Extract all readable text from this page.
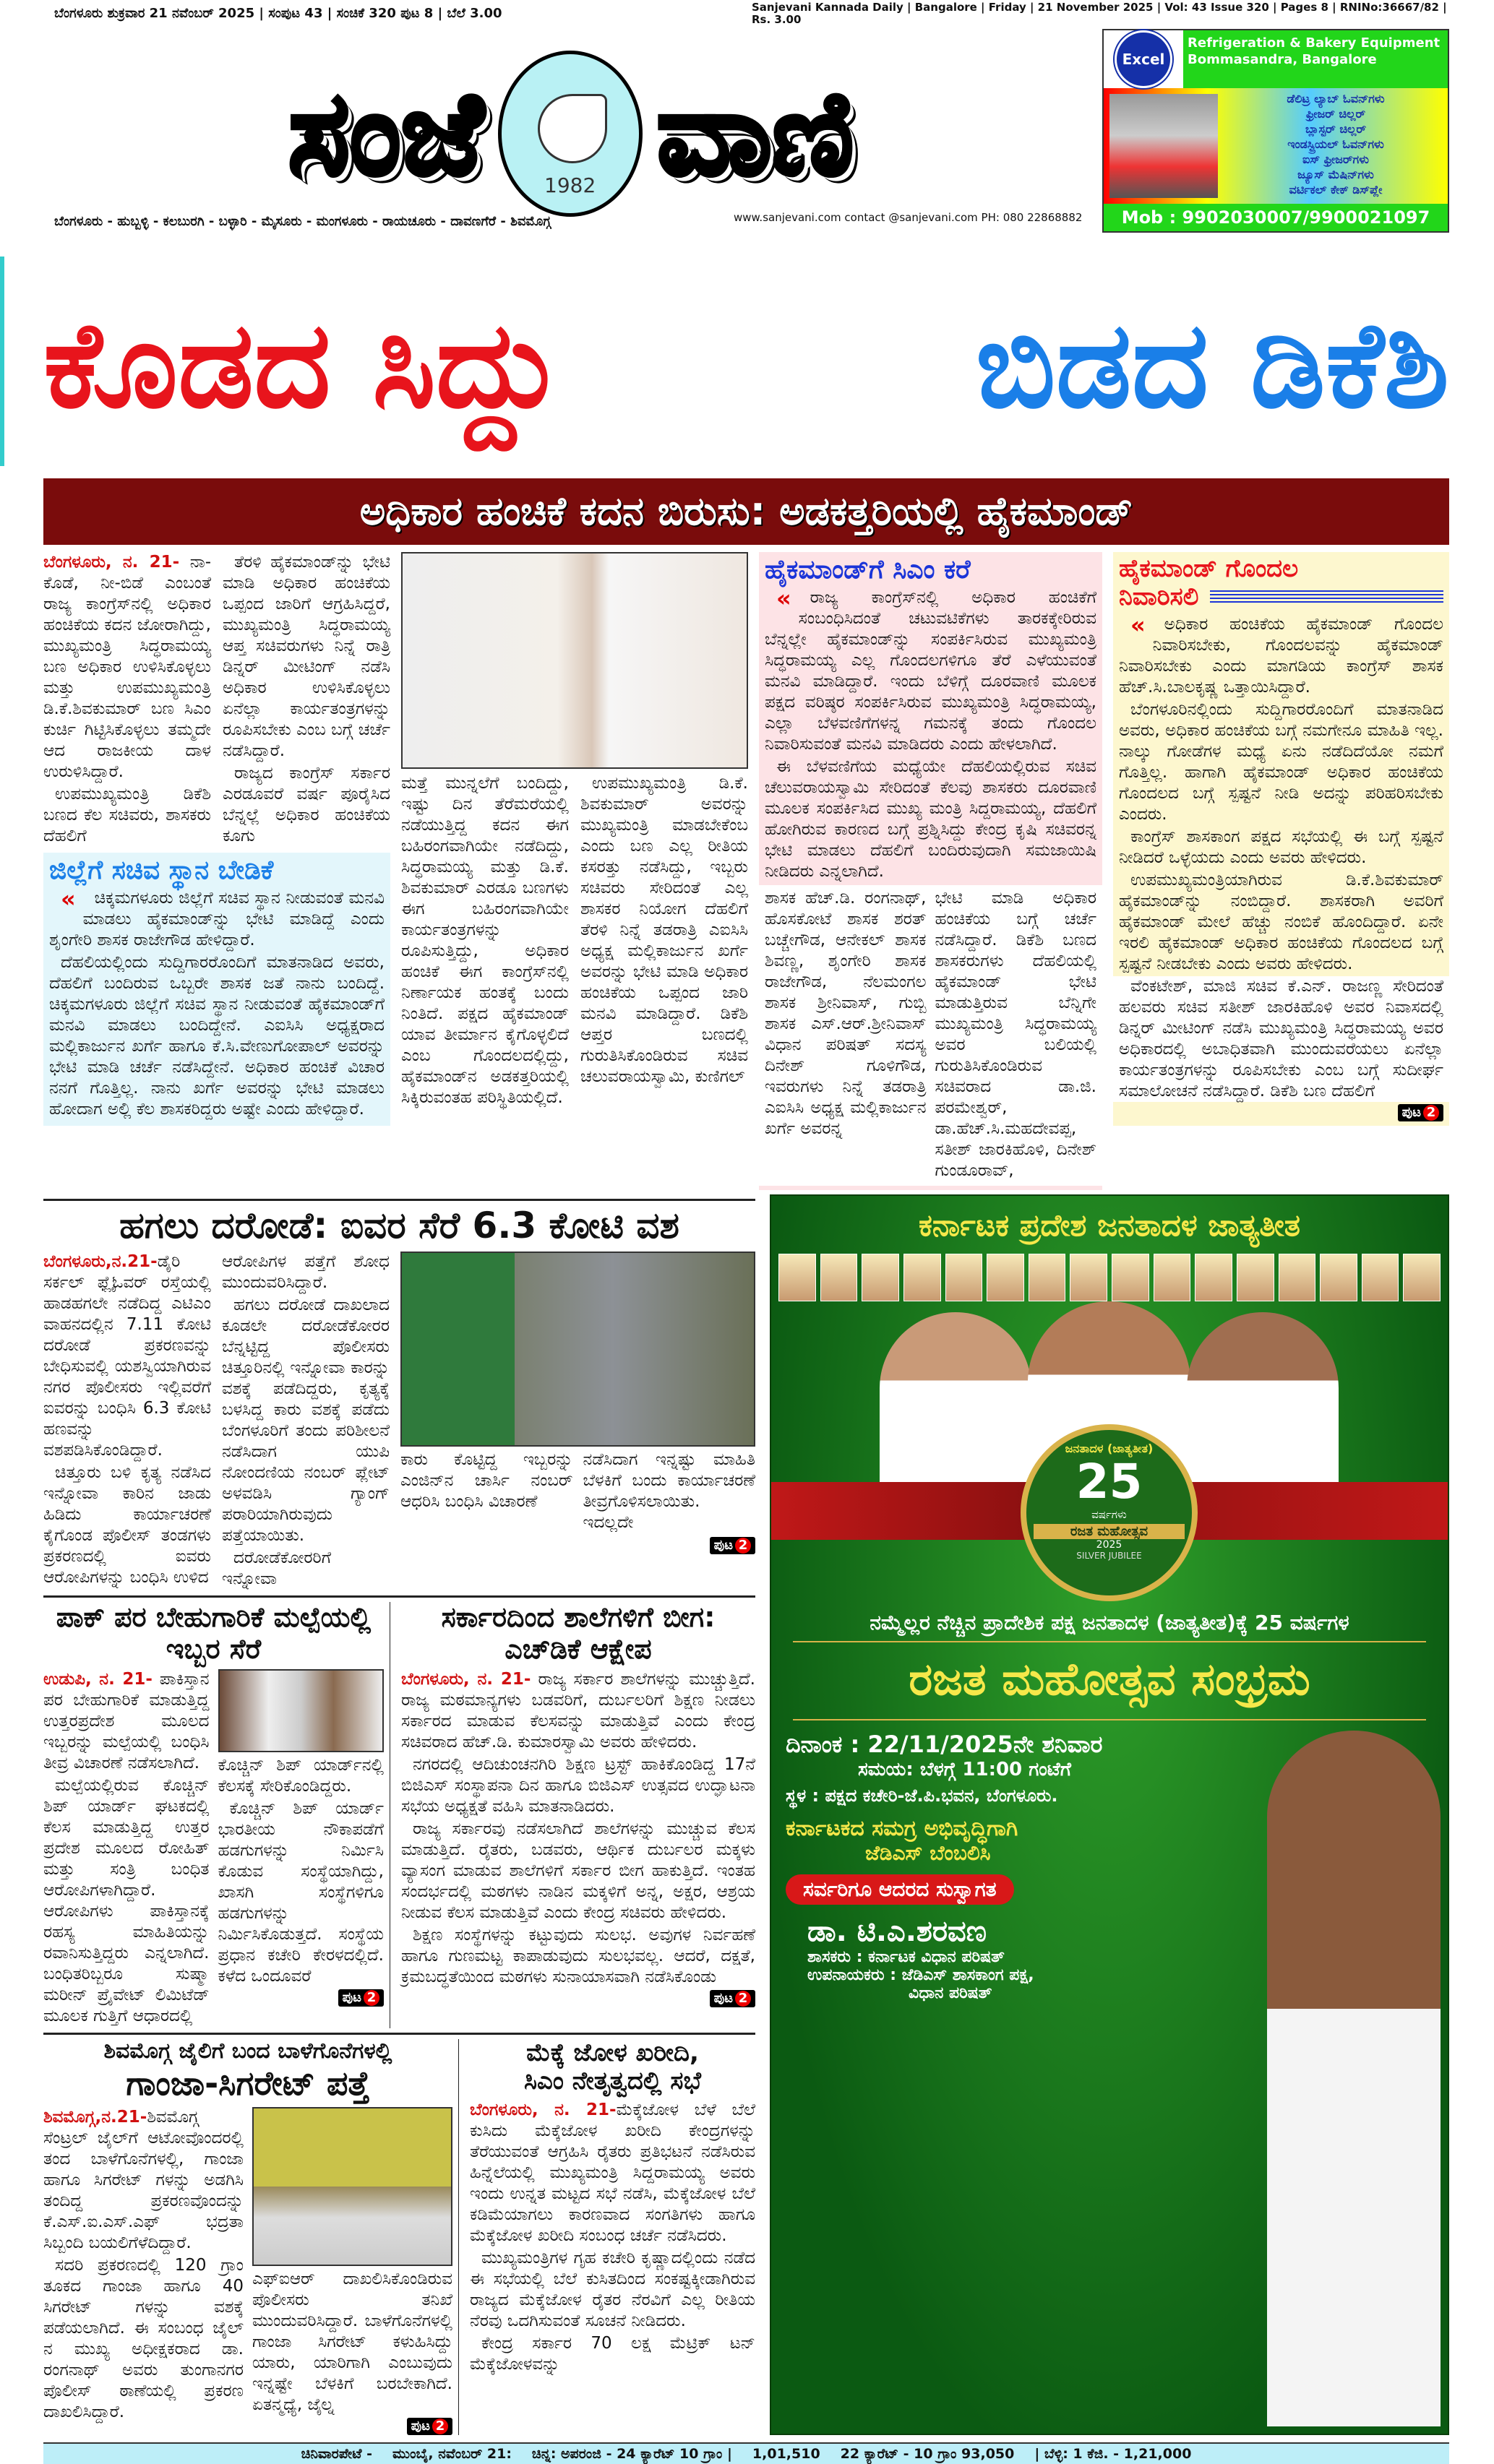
ಬೆಂಗಳೂರು ಶುಕ್ರವಾರ 21 ನವೆಂಬರ್ 2025 | ಸಂಪುಟ 43 | ಸಂಚಿಕೆ 320 ಪುಟ 8 | ಬೆಲೆ 3.00	Sanjevani Kannada Daily | Bangalore | Friday | 21 November 2025 | Vol: 43 Issue 320 | Pages 8 | RNINo:36667/82 | Rs. 3.00
ಸಂಜೆ	1982 ವಾಣಿ
ಬೆಂಗಳೂರು - ಹುಬ್ಬಳ್ಳಿ - ಕಲಬುರಗಿ - ಬಳ್ಳಾರಿ - ಮೈಸೂರು - ಮಂಗಳೂರು - ರಾಯಚೂರು - ದಾವಣಗೆರೆ - ಶಿವಮೊಗ್ಗ	www.sanjevani.com contact @sanjevani.com PH: 080 22868882
Excel
Refrigeration & Bakery Equipment
Bommasandra, Bangalore
ಡೆಲಿಟ್ರ ಲ್ಯಾಬ್ ಓವನ್‌ಗಳು
ಫ್ರೀಜರ್ ಚಿಲ್ಲರ್
ಬ್ಲಾಸ್ಟರ್ ಚಿಲ್ಲರ್
ಇಂಡಸ್ಟ್ರಿಯಲ್ ಓವನ್‌ಗಳು
ಐಸ್ ಫ್ರೀಜರ್‌ಗಳು
ಜ್ಯೂಸ್ ಮೆಷಿನ್‌ಗಳು
ವರ್ಟಿಕಲ್ ಕೇಕ್ ಡಿಸ್‌ಪ್ಲೇ
Mob : 9902030007/9900021097
ಕೊಡದ ಸಿದ್ದು	ಬಿಡದ ಡಿಕೆಶಿ
ಅಧಿಕಾರ ಹಂಚಿಕೆ ಕದನ ಬಿರುಸು: ಅಡಕತ್ತರಿಯಲ್ಲಿ ಹೈಕಮಾಂಡ್

ಬೆಂಗಳೂರು, ನ. 21- ನಾ-ಕೊಡೆ, ನೀ-ಬಿಡೆ ಎಂಬಂತೆ ರಾಜ್ಯ ಕಾಂಗ್ರೆಸ್‌ನಲ್ಲಿ ಅಧಿಕಾರ ಹಂಚಿಕೆಯ ಕದನ ಜೋರಾಗಿದ್ದು, ಮುಖ್ಯಮಂತ್ರಿ ಸಿದ್ಧರಾಮಯ್ಯ ಬಣ ಅಧಿಕಾರ ಉಳಿಸಿಕೊಳ್ಳಲು ಮತ್ತು ಉಪಮುಖ್ಯಮಂತ್ರಿ ಡಿ.ಕೆ.ಶಿವಕುಮಾರ್ ಬಣ ಸಿಎಂ ಕುರ್ಚಿ ಗಿಟ್ಟಿಸಿಕೊಳ್ಳಲು ತಮ್ಮದೇ ಆದ ರಾಜಕೀಯ ದಾಳ ಉರುಳಿಸಿದ್ದಾರೆ.

ಉಪಮುಖ್ಯಮಂತ್ರಿ ಡಿಕೆಶಿ ಬಣದ ಕೆಲ ಸಚಿವರು, ಶಾಸಕರು ದೆಹಲಿಗೆ

ತೆರಳಿ ಹೈಕಮಾಂಡ್‌ನ್ನು ಭೇಟಿ ಮಾಡಿ ಅಧಿಕಾರ ಹಂಚಿಕೆಯ ಒಪ್ಪಂದ ಜಾರಿಗೆ ಆಗ್ರಹಿಸಿದ್ದರೆ, ಮುಖ್ಯಮಂತ್ರಿ ಸಿದ್ಧರಾಮಯ್ಯ ಆಪ್ತ ಸಚಿವರುಗಳು ನಿನ್ನೆ ರಾತ್ರಿ ಡಿನ್ನರ್ ಮೀಟಿಂಗ್ ನಡೆಸಿ ಅಧಿಕಾರ ಉಳಿಸಿಕೊಳ್ಳಲು ಏನೆಲ್ಲಾ ಕಾರ್ಯತಂತ್ರಗಳನ್ನು ರೂಪಿಸಬೇಕು ಎಂಬ ಬಗ್ಗೆ ಚರ್ಚೆ ನಡೆಸಿದ್ದಾರೆ.

ರಾಜ್ಯದ ಕಾಂಗ್ರೆಸ್ ಸರ್ಕಾರ ಎರಡೂವರೆ ವರ್ಷ ಪೂರೈಸಿದ ಬೆನ್ನಲ್ಲೆ ಅಧಿಕಾರ ಹಂಚಿಕೆಯ ಕೂಗು

ಜಿಲ್ಲೆಗೆ ಸಚಿವ ಸ್ಥಾನ ಬೇಡಿಕೆ

« ಚಿಕ್ಕಮಗಳೂರು ಜಿಲ್ಲೆಗೆ ಸಚಿವ ಸ್ಥಾನ ನೀಡುವಂತೆ ಮನವಿ ಮಾಡಲು ಹೈಕಮಾಂಡ್‌ನ್ನು ಭೇಟಿ ಮಾಡಿದ್ದೆ ಎಂದು ಶೃಂಗೇರಿ ಶಾಸಕ ರಾಜೇಗೌಡ ಹೇಳಿದ್ದಾರೆ.

ದೆಹಲಿಯಲ್ಲಿಂದು ಸುದ್ದಿಗಾರರೊಂದಿಗೆ ಮಾತನಾಡಿದ ಅವರು, ದೆಹಲಿಗೆ ಬಂದಿರುವ ಒಬ್ಬರೇ ಶಾಸಕ ಜತೆ ನಾನು ಬಂದಿದ್ದೆ. ಚಿಕ್ಕಮಗಳೂರು ಜಿಲ್ಲೆಗೆ ಸಚಿವ ಸ್ಥಾನ ನೀಡುವಂತೆ ಹೈಕಮಾಂಡ್‌ಗೆ ಮನವಿ ಮಾಡಲು ಬಂದಿದ್ದೇನೆ. ಎಐಸಿಸಿ ಅಧ್ಯಕ್ಷರಾದ ಮಲ್ಲಿಕಾರ್ಜುನ ಖರ್ಗೆ ಹಾಗೂ ಕೆ.ಸಿ.ವೇಣುಗೋಪಾಲ್ ಅವರನ್ನು ಭೇಟಿ ಮಾಡಿ ಚರ್ಚೆ ನಡೆಸಿದ್ದೇನೆ. ಅಧಿಕಾರ ಹಂಚಿಕೆ ವಿಚಾರ ನನಗೆ ಗೊತ್ತಿಲ್ಲ. ನಾನು ಖರ್ಗೆ ಅವರನ್ನು ಭೇಟಿ ಮಾಡಲು ಹೋದಾಗ ಅಲ್ಲಿ ಕೆಲ ಶಾಸಕರಿದ್ದರು ಅಷ್ಟೇ ಎಂದು ಹೇಳಿದ್ದಾರೆ.

ಮತ್ತೆ ಮುನ್ನಲೆಗೆ ಬಂದಿದ್ದು, ಇಷ್ಟು ದಿನ ತೆರೆಮರೆಯಲ್ಲಿ ನಡೆಯುತ್ತಿದ್ದ ಕದನ ಈಗ ಬಹಿರಂಗವಾಗಿಯೇ ನಡೆದಿದ್ದು, ಸಿದ್ಧರಾಮಯ್ಯ ಮತ್ತು ಡಿ.ಕೆ. ಶಿವಕುಮಾರ್ ಎರಡೂ ಬಣಗಳು ಈಗ ಬಹಿರಂಗವಾಗಿಯೇ ಕಾರ್ಯತಂತ್ರಗಳನ್ನು ರೂಪಿಸುತ್ತಿದ್ದು, ಅಧಿಕಾರ ಹಂಚಿಕೆ ಈಗ ಕಾಂಗ್ರೆಸ್‌ನಲ್ಲಿ ನಿರ್ಣಾಯಕ ಹಂತಕ್ಕೆ ಬಂದು ನಿಂತಿದೆ. ಪಕ್ಷದ ಹೈಕಮಾಂಡ್ ಯಾವ ತೀರ್ಮಾನ ಕೈಗೊಳ್ಳಲಿದೆ ಎಂಬ ಗೊಂದಲದಲ್ಲಿದ್ದು, ಹೈಕಮಾಂಡ್‌ನ ಅಡಕತ್ತರಿಯಲ್ಲಿ ಸಿಕ್ಕಿರುವಂತಹ ಪರಿಸ್ಥಿತಿಯಲ್ಲಿದೆ.

ಉಪಮುಖ್ಯಮಂತ್ರಿ ಡಿ.ಕೆ. ಶಿವಕುಮಾರ್ ಅವರನ್ನು ಮುಖ್ಯಮಂತ್ರಿ ಮಾಡಬೇಕೆಂಬ ಎಂದು ಬಣ ಎಲ್ಲ ರೀತಿಯ ಕಸರತ್ತು ನಡೆಸಿದ್ದು, ಇಬ್ಬರು ಸಚಿವರು ಸೇರಿದಂತೆ ಎಲ್ಲ ಶಾಸಕರ ನಿಯೋಗ ದೆಹಲಿಗೆ ತೆರಳಿ ನಿನ್ನೆ ತಡರಾತ್ರಿ ಎಐಸಿಸಿ ಅಧ್ಯಕ್ಷ ಮಲ್ಲಿಕಾರ್ಜುನ ಖರ್ಗೆ ಅವರನ್ನು ಭೇಟಿ ಮಾಡಿ ಅಧಿಕಾರ ಹಂಚಿಕೆಯ ಒಪ್ಪಂದ ಜಾರಿ ಮನವಿ ಮಾಡಿದ್ದಾರೆ. ಡಿಕೆಶಿ ಆಪ್ತರ ಬಣದಲ್ಲಿ ಗುರುತಿಸಿಕೊಂಡಿರುವ ಸಚಿವ ಚಲುವರಾಯಸ್ವಾಮಿ, ಕುಣಿಗಲ್

ಹೈಕಮಾಂಡ್‌ಗೆ ಸಿಎಂ ಕರೆ

« ರಾಜ್ಯ ಕಾಂಗ್ರೆಸ್‌ನಲ್ಲಿ ಅಧಿಕಾರ ಹಂಚಿಕೆಗೆ ಸಂಬಂಧಿಸಿದಂತೆ ಚಟುವಟಿಕೆಗಳು ತಾರಕಕ್ಕೇರಿರುವ ಬೆನ್ನಲ್ಲೇ ಹೈಕಮಾಂಡ್‌ನ್ನು ಸಂಪರ್ಕಿಸಿರುವ ಮುಖ್ಯಮಂತ್ರಿ ಸಿದ್ಧರಾಮಯ್ಯ ಎಲ್ಲ ಗೊಂದಲಗಳಿಗೂ ತೆರೆ ಎಳೆಯುವಂತೆ ಮನವಿ ಮಾಡಿದ್ದಾರೆ. ಇಂದು ಬೆಳಿಗ್ಗೆ ದೂರವಾಣಿ ಮೂಲಕ ಪಕ್ಷದ ವರಿಷ್ಠರ ಸಂಪರ್ಕಿಸಿರುವ ಮುಖ್ಯಮಂತ್ರಿ ಸಿದ್ಧರಾಮಯ್ಯ, ಎಲ್ಲಾ ಬೆಳವಣಿಗೆಗಳನ್ನ ಗಮನಕ್ಕೆ ತಂದು ಗೊಂದಲ ನಿವಾರಿಸುವಂತೆ ಮನವಿ ಮಾಡಿದರು ಎಂದು ಹೇಳಲಾಗಿದೆ.

ಈ ಬೆಳವಣಿಗೆಯ ಮಧ್ಯೆಯೇ ದೆಹಲಿಯಲ್ಲಿರುವ ಸಚಿವ ಚೆಲುವರಾಯಸ್ವಾಮಿ ಸೇರಿದಂತೆ ಕೆಲವು ಶಾಸಕರು ದೂರವಾಣಿ ಮೂಲಕ ಸಂಪರ್ಕಿಸಿದ ಮುಖ್ಯ ಮಂತ್ರಿ ಸಿದ್ದರಾಮಯ್ಯ, ದೆಹಲಿಗೆ ಹೋಗಿರುವ ಕಾರಣದ ಬಗ್ಗೆ ಪ್ರಶ್ನಿಸಿದ್ದು ಕೇಂದ್ರ ಕೃಷಿ ಸಚಿವರನ್ನ ಭೇಟಿ ಮಾಡಲು ದೆಹಲಿಗೆ ಬಂದಿರುವುದಾಗಿ ಸಮಜಾಯಿಷಿ ನೀಡಿದರು ಎನ್ನಲಾಗಿದೆ.

ಶಾಸಕ ಹೆಚ್.ಡಿ. ರಂಗನಾಥ್, ಹೊಸಕೋಟೆ ಶಾಸಕ ಶರತ್ ಬಚ್ಚೇಗೌಡ, ಆನೇಕಲ್ ಶಾಸಕ ಶಿವಣ್ಣ, ಶೃಂಗೇರಿ ಶಾಸಕ ರಾಜೇಗೌಡ, ನೆಲಮಂಗಲ ಶಾಸಕ ಶ್ರೀನಿವಾಸ್, ಗುಬ್ಬಿ ಶಾಸಕ ಎಸ್.ಆರ್.ಶ್ರೀನಿವಾಸ್ ವಿಧಾನ ಪರಿಷತ್ ಸದಸ್ಯ ದಿನೇಶ್ ಗೂಳಿಗೌಡ, ಇವರುಗಳು ನಿನ್ನೆ ತಡರಾತ್ರಿ ಎಐಸಿಸಿ ಅಧ್ಯಕ್ಷ ಮಲ್ಲಿಕಾರ್ಜುನ ಖರ್ಗೆ ಅವರನ್ನ

ಭೇಟಿ ಮಾಡಿ ಅಧಿಕಾರ ಹಂಚಿಕೆಯ ಬಗ್ಗೆ ಚರ್ಚೆ ನಡೆಸಿದ್ದಾರೆ. ಡಿಕೆಶಿ ಬಣದ ಶಾಸಕರುಗಳು ದೆಹಲಿಯಲ್ಲಿ ಹೈಕಮಾಂಡ್ ಭೇಟಿ ಮಾಡುತ್ತಿರುವ ಬೆನ್ನಿಗೇ ಮುಖ್ಯಮಂತ್ರಿ ಸಿದ್ಧರಾಮಯ್ಯ ಅವರ ಬಲಿಯಲ್ಲಿ ಗುರುತಿಸಿಕೊಂಡಿರುವ ಸಚಿವರಾದ ಡಾ.ಜಿ. ಪರಮೇಶ್ವರ್, ಡಾ.ಹೆಚ್.ಸಿ.ಮಹದೇವಪ್ಪ, ಸತೀಶ್ ಜಾರಕಿಹೊಳಿ, ದಿನೇಶ್ ಗುಂಡೂರಾವ್,

ಹೈಕಮಾಂಡ್ ಗೊಂದಲ
ನಿವಾರಿಸಲಿ

« ಅಧಿಕಾರ ಹಂಚಿಕೆಯ ಹೈಕಮಾಂಡ್ ಗೊಂದಲ ನಿವಾರಿಸಬೇಕು, ಗೊಂದಲವನ್ನು ಹೈಕಮಾಂಡ್ ನಿವಾರಿಸಬೇಕು ಎಂದು ಮಾಗಡಿಯ ಕಾಂಗ್ರೆಸ್ ಶಾಸಕ ಹೆಚ್.ಸಿ.ಬಾಲಕೃಷ್ಣ ಒತ್ತಾಯಿಸಿದ್ದಾರೆ.

ಬೆಂಗಳೂರಿನಲ್ಲಿಂದು ಸುದ್ದಿಗಾರರೊಂದಿಗೆ ಮಾತನಾಡಿದ ಅವರು, ಅಧಿಕಾರ ಹಂಚಿಕೆಯ ಬಗ್ಗೆ ನಮಗೇನೂ ಮಾಹಿತಿ ಇಲ್ಲ. ನಾಲ್ಕು ಗೋಡೆಗಳ ಮಧ್ಯೆ ಏನು ನಡೆದಿದೆಯೋ ನಮಗೆ ಗೊತ್ತಿಲ್ಲ. ಹಾಗಾಗಿ ಹೈಕಮಾಂಡ್ ಅಧಿಕಾರ ಹಂಚಿಕೆಯ ಗೊಂದಲದ ಬಗ್ಗೆ ಸ್ಪಷ್ಟನೆ ನೀಡಿ ಅದನ್ನು ಪರಿಹರಿಸಬೇಕು ಎಂದರು.

ಕಾಂಗ್ರೆಸ್ ಶಾಸಕಾಂಗ ಪಕ್ಷದ ಸಭೆಯಲ್ಲಿ ಈ ಬಗ್ಗೆ ಸ್ಪಷ್ಟನೆ ನೀಡಿದರೆ ಒಳ್ಳೆಯದು ಎಂದು ಅವರು ಹೇಳಿದರು.

ಉಪಮುಖ್ಯಮಂತ್ರಿಯಾಗಿರುವ ಡಿ.ಕೆ.ಶಿವಕುಮಾರ್ ಹೈಕಮಾಂಡ್‌ನ್ನು ನಂಬಿದ್ದಾರೆ. ಶಾಸಕರಾಗಿ ಅವರಿಗೆ ಹೈಕಮಾಂಡ್ ಮೇಲೆ ಹೆಚ್ಚು ನಂಬಿಕೆ ಹೊಂದಿದ್ದಾರೆ. ಏನೇ ಇರಲಿ ಹೈಕಮಾಂಡ್ ಅಧಿಕಾರ ಹಂಚಿಕೆಯ ಗೊಂದಲದ ಬಗ್ಗೆ ಸ್ಪಷ್ಟನೆ ನೀಡಬೇಕು ಎಂದು ಅವರು ಹೇಳಿದರು.

ವೆಂಕಟೇಶ್, ಮಾಜಿ ಸಚಿವ ಕೆ.ಎನ್. ರಾಜಣ್ಣ ಸೇರಿದಂತೆ ಹಲವರು ಸಚಿವ ಸತೀಶ್ ಜಾರಕಿಹೊಳಿ ಅವರ ನಿವಾಸದಲ್ಲಿ ಡಿನ್ನರ್ ಮೀಟಿಂಗ್ ನಡೆಸಿ ಮುಖ್ಯಮಂತ್ರಿ ಸಿದ್ಧರಾಮಯ್ಯ ಅವರ ಅಧಿಕಾರದಲ್ಲಿ ಅಬಾಧಿತವಾಗಿ ಮುಂದುವರೆಯಲು ಏನೆಲ್ಲಾ ಕಾರ್ಯತಂತ್ರಗಳನ್ನು ರೂಪಿಸಬೇಕು ಎಂಬ ಬಗ್ಗೆ ಸುದೀರ್ಘ ಸಮಾಲೋಚನೆ ನಡೆಸಿದ್ದಾರೆ. ಡಿಕೆಶಿ ಬಣ ದೆಹಲಿಗೆ

ಪುಟ 2
ಹಗಲು ದರೋಡೆ: ಐವರ ಸೆರೆ 6.3 ಕೋಟಿ ವಶ

ಬೆಂಗಳೂರು,ನ.21-ಡೈರಿ ಸರ್ಕಲ್ ಫ್ಲೈಓವರ್ ರಸ್ತೆಯಲ್ಲಿ ಹಾಡಹಗಲೇ ನಡೆದಿದ್ದ ಎಟಿಎಂ ವಾಹನದಲ್ಲಿನ 7.11 ಕೋಟಿ ದರೋಡೆ ಪ್ರಕರಣವನ್ನು ಬೇಧಿಸುವಲ್ಲಿ ಯಶಸ್ವಿಯಾಗಿರುವ ನಗರ ಪೊಲೀಸರು ಇಲ್ಲಿವರೆಗೆ ಐವರನ್ನು ಬಂಧಿಸಿ 6.3 ಕೋಟಿ ಹಣವನ್ನು ವಶಪಡಿಸಿಕೊಂಡಿದ್ದಾರೆ.

ಚಿತ್ತೂರು ಬಳಿ ಕೃತ್ಯ ನಡೆಸಿದ ಇನ್ನೋವಾ ಕಾರಿನ ಜಾಡು ಹಿಡಿದು ಕಾರ್ಯಾಚರಣೆ ಕೈಗೊಂಡ ಪೊಲೀಸ್ ತಂಡಗಳು ಪ್ರಕರಣದಲ್ಲಿ ಐವರು ಆರೋಪಿಗಳನ್ನು ಬಂಧಿಸಿ ಉಳಿದ

ಆರೋಪಿಗಳ ಪತ್ತೆಗೆ ಶೋಧ ಮುಂದುವರಿಸಿದ್ದಾರೆ.

ಹಗಲು ದರೋಡೆ ದಾಖಲಾದ ಕೂಡಲೇ ದರೋಡೆಕೋರರ ಬೆನ್ನಟ್ಟಿದ್ದ ಪೊಲೀಸರು ಚಿತ್ತೂರಿನಲ್ಲಿ ಇನ್ನೋವಾ ಕಾರನ್ನು ವಶಕ್ಕೆ ಪಡೆದಿದ್ದರು, ಕೃತ್ಯಕ್ಕೆ ಬಳಸಿದ್ದ ಕಾರು ವಶಕ್ಕೆ ಪಡೆದು ಬೆಂಗಳೂರಿಗೆ ತಂದು ಪರಿಶೀಲನೆ ನಡೆಸಿದಾಗ ಯುಪಿ ನೋಂದಣಿಯ ನಂಬರ್ ಪ್ಲೇಟ್ ಅಳವಡಿಸಿ ಗ್ಯಾಂಗ್ ಪರಾರಿಯಾಗಿರುವುದು ಪತ್ತೆಯಾಯಿತು.

ದರೋಡೆಕೋರರಿಗೆ ಇನ್ನೋವಾ

ಕಾರು ಕೊಟ್ಟಿದ್ದ ಇಬ್ಬರನ್ನು ಎಂಜಿನ್‌ನ ಚಾರ್ಸಿ ನಂಬರ್ ಆಧರಿಸಿ ಬಂಧಿಸಿ ವಿಚಾರಣೆ

ನಡೆಸಿದಾಗ ಇನ್ನಷ್ಟು ಮಾಹಿತಿ ಬೆಳಕಿಗೆ ಬಂದು ಕಾರ್ಯಾಚರಣೆ ತೀವ್ರಗೊಳಿಸಲಾಯಿತು. ಇದಲ್ಲದೇ

ಪುಟ 2
ಪಾಕ್ ಪರ ಬೇಹುಗಾರಿಕೆ ಮಲ್ಪೆಯಲ್ಲಿ ಇಬ್ಬರ ಸೆರೆ

ಉಡುಪಿ, ನ. 21- ಪಾಕಿಸ್ತಾನ ಪರ ಬೇಹುಗಾರಿಕೆ ಮಾಡುತ್ತಿದ್ದ ಉತ್ತರಪ್ರದೇಶ ಮೂಲದ ಇಬ್ಬರನ್ನು ಮಲ್ಪೆಯಲ್ಲಿ ಬಂಧಿಸಿ ತೀವ್ರ ವಿಚಾರಣೆ ನಡೆಸಲಾಗಿದೆ.

ಮಲ್ಪೆಯಲ್ಲಿರುವ ಕೊಚ್ಚಿನ್ ಶಿಪ್ ಯಾರ್ಡ್ ಘಟಕದಲ್ಲಿ ಕೆಲಸ ಮಾಡುತ್ತಿದ್ದ ಉತ್ತರ ಪ್ರದೇಶ ಮೂಲದ ರೋಹಿತ್ ಮತ್ತು ಸಂತ್ರಿ ಬಂಧಿತ ಆರೋಪಿಗಳಾಗಿದ್ದಾರೆ. ಆರೋಪಿಗಳು ಪಾಕಿಸ್ತಾನಕ್ಕೆ ರಹಸ್ಯ ಮಾಹಿತಿಯನ್ನು ರವಾನಿಸುತ್ತಿದ್ದರು ಎನ್ನಲಾಗಿದೆ. ಬಂಧಿತರಿಬ್ಬರೂ ಸುಷ್ಮಾ ಮರೀನ್ ಪ್ರೈವೇಟ್ ಲಿಮಿಟೆಡ್ ಮೂಲಕ ಗುತ್ತಿಗೆ ಆಧಾರದಲ್ಲಿ

ಕೊಚ್ಚಿನ್ ಶಿಪ್ ಯಾರ್ಡ್‌ನಲ್ಲಿ ಕೆಲಸಕ್ಕೆ ಸೇರಿಕೊಂಡಿದ್ದರು.

ಕೊಚ್ಚಿನ್ ಶಿಪ್ ಯಾರ್ಡ್ ಭಾರತೀಯ ನೌಕಾಪಡೆಗೆ ಹಡಗುಗಳನ್ನು ನಿರ್ಮಿಸಿ ಕೊಡುವ ಸಂಸ್ಥೆಯಾಗಿದ್ದು, ಖಾಸಗಿ ಸಂಸ್ಥೆಗಳಿಗೂ ಹಡಗುಗಳನ್ನು ನಿರ್ಮಿಸಿಕೊಡುತ್ತದೆ. ಸಂಸ್ಥೆಯ ಪ್ರಧಾನ ಕಚೇರಿ ಕೇರಳದಲ್ಲಿದೆ. ಕಳೆದ ಒಂದೂವರೆ

ಪುಟ 2
ಸರ್ಕಾರದಿಂದ ಶಾಲೆಗಳಿಗೆ ಬೀಗ: ಎಚ್‌ಡಿಕೆ ಆಕ್ಷೇಪ

ಬೆಂಗಳೂರು, ನ. 21- ರಾಜ್ಯ ಸರ್ಕಾರ ಶಾಲೆಗಳನ್ನು ಮುಚ್ಚುತ್ತಿದೆ. ರಾಜ್ಯ ಮಠಮಾನ್ಯಗಳು ಬಡವರಿಗೆ, ದುರ್ಬಲರಿಗೆ ಶಿಕ್ಷಣ ನೀಡಲು ಸರ್ಕಾರದ ಮಾಡುವ ಕೆಲಸವನ್ನು ಮಾಡುತ್ತಿವೆ ಎಂದು ಕೇಂದ್ರ ಸಚಿವರಾದ ಹೆಚ್.ಡಿ. ಕುಮಾರಸ್ವಾಮಿ ಅವರು ಹೇಳಿದರು.

ನಗರದಲ್ಲಿ ಆದಿಚುಂಚನಗಿರಿ ಶಿಕ್ಷಣ ಟ್ರಸ್ಟ್ ಹಾಕಿಕೊಂಡಿದ್ದ 17ನೆ ಬಿಜಿಎಸ್ ಸಂಸ್ಥಾಪನಾ ದಿನ ಹಾಗೂ ಬಿಜಿಎಸ್ ಉತ್ಸವದ ಉದ್ಘಾಟನಾ ಸಭೆಯ ಅಧ್ಯಕ್ಷತೆ ವಹಿಸಿ ಮಾತನಾಡಿದರು.

ರಾಜ್ಯ ಸರ್ಕಾರವು ನಡೆಸಲಾಗಿದೆ ಶಾಲೆಗಳನ್ನು ಮುಚ್ಚುವ ಕೆಲಸ ಮಾಡುತ್ತಿದೆ. ರೈತರು, ಬಡವರು, ಆರ್ಥಿಕ ದುರ್ಬಲರ ಮಕ್ಕಳು ವ್ಯಾಸಂಗ ಮಾಡುವ ಶಾಲೆಗಳಿಗೆ ಸರ್ಕಾರ ಬೀಗ ಹಾಕುತ್ತಿದೆ. ಇಂತಹ ಸಂದರ್ಭದಲ್ಲಿ ಮಠಗಳು ನಾಡಿನ ಮಕ್ಕಳಿಗೆ ಅನ್ನ, ಅಕ್ಷರ, ಆಶ್ರಯ ನೀಡುವ ಕೆಲಸ ಮಾಡುತ್ತಿವೆ ಎಂದು ಕೇಂದ್ರ ಸಚಿವರು ಹೇಳಿದರು.

ಶಿಕ್ಷಣ ಸಂಸ್ಥೆಗಳನ್ನು ಕಟ್ಟುವುದು ಸುಲಭ. ಅವುಗಳ ನಿರ್ವಹಣೆ ಹಾಗೂ ಗುಣಮಟ್ಟ ಕಾಪಾಡುವುದು ಸುಲಭವಲ್ಲ. ಆದರೆ, ದಕ್ಷತೆ, ಕ್ರಮಬದ್ಧತೆಯಿಂದ ಮಠಗಳು ಸುನಾಯಾಸವಾಗಿ ನಡೆಸಿಕೊಂಡು

ಪುಟ 2
ಶಿವಮೊಗ್ಗ ಜೈಲಿಗೆ ಬಂದ ಬಾಳೆಗೊನೆಗಳಲ್ಲಿ
ಗಾಂಜಾ-ಸಿಗರೇಟ್ ಪತ್ತೆ

ಶಿವಮೊಗ್ಗ,ನ.21-ಶಿವಮೊಗ್ಗ ಸೆಂಟ್ರಲ್ ಜೈಲ್‌ಗೆ ಆಟೋವೊಂದರಲ್ಲಿ ತಂದ ಬಾಳೆಗೊನೆಗಳಲ್ಲಿ, ಗಾಂಜಾ ಹಾಗೂ ಸಿಗರೇಟ್ ಗಳನ್ನು ಅಡಗಿಸಿ ತಂದಿದ್ದ ಪ್ರಕರಣವೊಂದನ್ನು ಕೆ.ಎಸ್.ಐ.ಎಸ್.ಎಫ್ ಭದ್ರತಾ ಸಿಬ್ಬಂದಿ ಬಯಲಿಗೆಳೆದಿದ್ದಾರೆ.

ಸದರಿ ಪ್ರಕರಣದಲ್ಲಿ 120 ಗ್ರಾಂ ತೂಕದ ಗಾಂಜಾ ಹಾಗೂ 40 ಸಿಗರೇಟ್ ಗಳನ್ನು ವಶಕ್ಕೆ ಪಡೆಯಲಾಗಿದೆ. ಈ ಸಂಬಂಧ ಜೈಲ್ ನ ಮುಖ್ಯ ಅಧೀಕ್ಷಕರಾದ ಡಾ. ರಂಗನಾಥ್ ಅವರು ತುಂಗಾನಗರ ಪೊಲೀಸ್ ಠಾಣೆಯಲ್ಲಿ ಪ್ರಕರಣ ದಾಖಲಿಸಿದ್ದಾರೆ.

ಎಫ್‌ಐಆರ್ ದಾಖಲಿಸಿಕೊಂಡಿರುವ ಪೊಲೀಸರು ತನಿಖೆ ಮುಂದುವರಿಸಿದ್ದಾರೆ. ಬಾಳೆಗೊನೆಗಳಲ್ಲಿ ಗಾಂಜಾ ಸಿಗರೇಟ್ ಕಳುಹಿಸಿದ್ದು ಯಾರು, ಯಾರಿಗಾಗಿ ಎಂಬುವುದು ಇನ್ನಷ್ಟೇ ಬೆಳಕಿಗೆ ಬರಬೇಕಾಗಿದೆ. ಏತನ್ಮಧ್ಯೆ, ಜೈಲ್ನ

ಪುಟ 2
ಮೆಕ್ಕೆ ಜೋಳ ಖರೀದಿ,
ಸಿಎಂ ನೇತೃತ್ವದಲ್ಲಿ ಸಭೆ

ಬೆಂಗಳೂರು, ನ. 21-ಮೆಕ್ಕೆಜೋಳ ಬೆಳೆ ಬೆಲೆ ಕುಸಿದು ಮೆಕ್ಕೆಜೋಳ ಖರೀದಿ ಕೇಂದ್ರಗಳನ್ನು ತೆರೆಯುವಂತೆ ಆಗ್ರಹಿಸಿ ರೈತರು ಪ್ರತಿಭಟನೆ ನಡೆಸಿರುವ ಹಿನ್ನೆಲೆಯಲ್ಲಿ ಮುಖ್ಯಮಂತ್ರಿ ಸಿದ್ದರಾಮಯ್ಯ ಅವರು ಇಂದು ಉನ್ನತ ಮಟ್ಟದ ಸಭೆ ನಡೆಸಿ, ಮೆಕ್ಕೆಜೋಳ ಬೆಲೆ ಕಡಿಮೆಯಾಗಲು ಕಾರಣವಾದ ಸಂಗತಿಗಳು ಹಾಗೂ ಮೆಕ್ಕೆಜೋಳ ಖರೀದಿ ಸಂಬಂಧ ಚರ್ಚೆ ನಡೆಸಿದರು.

ಮುಖ್ಯಮಂತ್ರಿಗಳ ಗೃಹ ಕಚೇರಿ ಕೃಷ್ಣಾದಲ್ಲಿಂದು ನಡೆದ ಈ ಸಭೆಯಲ್ಲಿ ಬೆಲೆ ಕುಸಿತದಿಂದ ಸಂಕಷ್ಟಕ್ಕೀಡಾಗಿರುವ ರಾಜ್ಯದ ಮೆಕ್ಕೆಜೋಳ ರೈತರ ನೆರವಿಗೆ ಎಲ್ಲ ರೀತಿಯ ನೆರವು ಒದಗಿಸುವಂತೆ ಸೂಚನೆ ನೀಡಿದರು.

ಕೇಂದ್ರ ಸರ್ಕಾರ 70 ಲಕ್ಷ ಮೆಟ್ರಿಕ್ ಟನ್ ಮೆಕ್ಕೆಜೋಳವನ್ನು

ಕರ್ನಾಟಕ ಪ್ರದೇಶ ಜನತಾದಳ ಜಾತ್ಯತೀತ
ಜನತಾದಳ (ಜಾತ್ಯತೀತ)
25
ವರ್ಷಗಳು
ರಜತ ಮಹೋತ್ಸವ
2025
SILVER JUBILEE
ನಮ್ಮೆಲ್ಲರ ನೆಚ್ಚಿನ ಪ್ರಾದೇಶಿಕ ಪಕ್ಷ ಜನತಾದಳ (ಜಾತ್ಯತೀತ)ಕ್ಕೆ 25 ವರ್ಷಗಳ
ರಜತ ಮಹೋತ್ಸವ ಸಂಭ್ರಮ
ದಿನಾಂಕ : 22/11/2025ನೇ ಶನಿವಾರ
ಸಮಯ: ಬೆಳಗ್ಗೆ 11:00 ಗಂಟೆಗೆ
ಸ್ಥಳ : ಪಕ್ಷದ ಕಚೇರಿ-ಜೆ.ಪಿ.ಭವನ, ಬೆಂಗಳೂರು.
ಕರ್ನಾಟಕದ ಸಮಗ್ರ ಅಭಿವೃದ್ಧಿಗಾಗಿ
ಜೆಡಿಎಸ್ ಬೆಂಬಲಿಸಿ
ಸರ್ವರಿಗೂ ಆದರದ ಸುಸ್ವಾಗತ
ಡಾ. ಟಿ.ಎ.ಶರವಣ
ಶಾಸಕರು : ಕರ್ನಾಟಕ ವಿಧಾನ ಪರಿಷತ್
ಉಪನಾಯಕರು : ಜೆಡಿಎಸ್ ಶಾಸಕಾಂಗ ಪಕ್ಷ,
ವಿಧಾನ ಪರಿಷತ್
ಚಿನಿವಾರಪೇಟೆ - ಮುಂಬೈ, ನವೆಂಬರ್ 21: ಚಿನ್ನ: ಅಪರಂಜಿ - 24 ಕ್ಯಾರೆಟ್ 10 ಗ್ರಾಂ | 1,01,510 22 ಕ್ಯಾರೆಟ್ - 10 ಗ್ರಾಂ 93,050 | ಬೆಳ್ಳಿ: 1 ಕೆಜಿ. - 1,21,000
